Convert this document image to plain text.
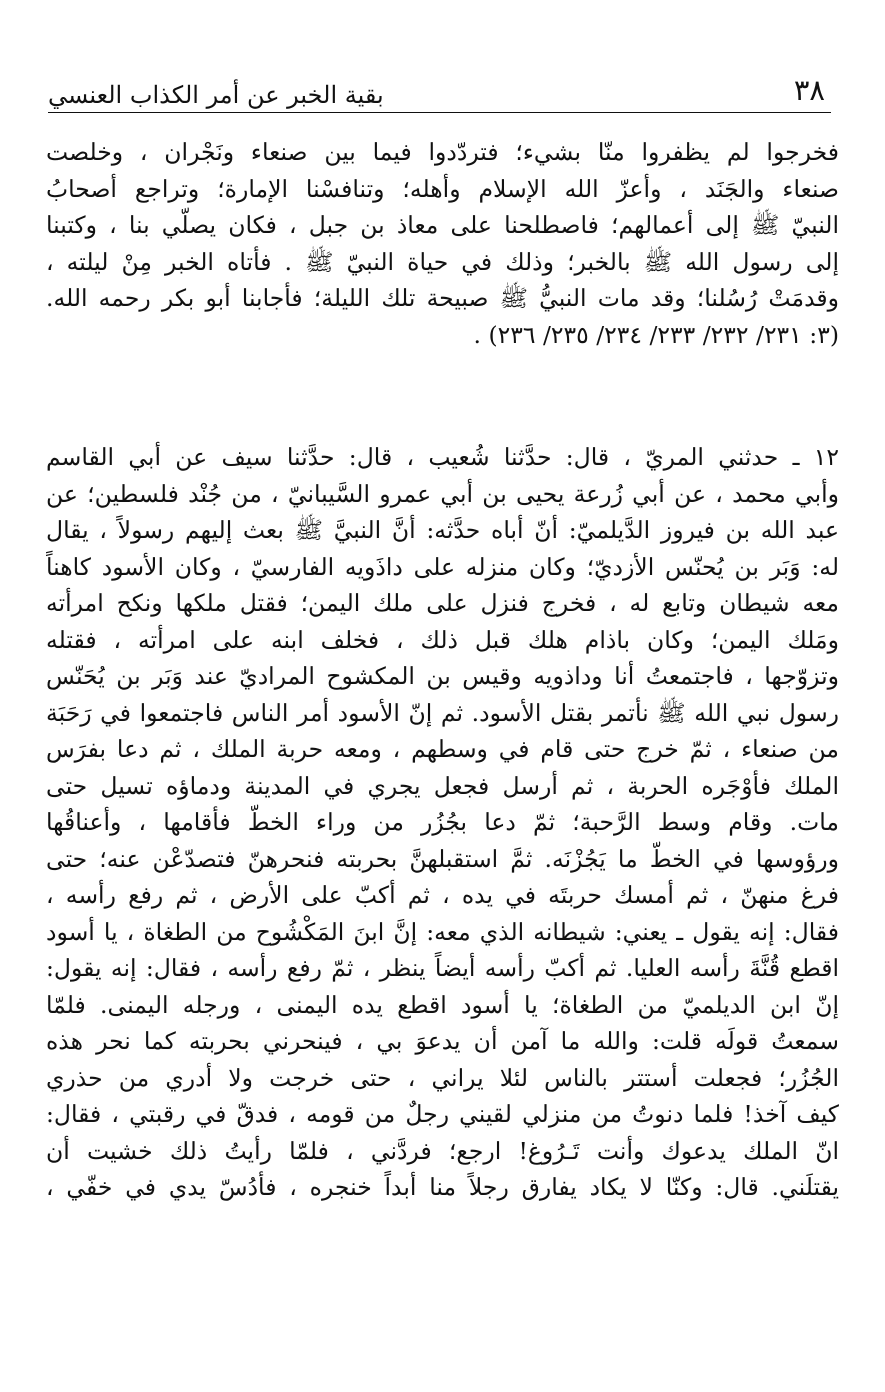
٣٨
بقية الخبر عن أمر الكذاب العنسي
فخرجوا لم يظفروا منّا بشيء؛ فتردّدوا فيما بين صنعاء ونَجْران ، وخلصت
صنعاء والجَنَد ، وأعزّ الله الإسلام وأهله؛ وتنافسْنا الإمارة؛ وتراجع أصحابُ
النبيّ ﷺ إلى أعمالهم؛ فاصطلحنا على معاذ بن جبل ، فكان يصلّي بنا ، وكتبنا
إلى رسول الله ﷺ بالخبر؛ وذلك في حياة النبيّ ﷺ . فأتاه الخبر مِنْ ليلته ،
وقدمَتْ رُسُلنا؛ وقد مات النبيُّ ﷺ صبيحة تلك الليلة؛ فأجابنا أبو بكر رحمه الله.
(٣: ٢٣١/ ٢٣٢/ ٢٣٣/ ٢٣٤/ ٢٣٥/ ٢٣٦) .
١٢ ـ حدثني المريّ ، قال: حدَّثنا شُعيب ، قال: حدَّثنا سيف عن أبي القاسم
وأبي محمد ، عن أبي زُرعة يحيى بن أبي عمرو السَّيبانيّ ، من جُنْد فلسطين؛ عن
عبد الله بن فيروز الدَّيلميّ: أنّ أباه حدَّثه: أنَّ النبيَّ ﷺ بعث إليهم رسولاً ، يقال
له: وَبَر بن يُحنّس الأزديّ؛ وكان منزله على داذَويه الفارسيّ ، وكان الأسود كاهناً
معه شيطان وتابع له ، فخرج فنزل على ملك اليمن؛ فقتل ملكها ونكح امرأته
ومَلك اليمن؛ وكان باذام هلك قبل ذلك ، فخلف ابنه على امرأته ، فقتله
وتزوّجها ، فاجتمعتُ أنا وداذويه وقيس بن المكشوح المراديّ عند وَبَر بن يُحَنّس
رسول نبي الله ﷺ نأتمر بقتل الأسود. ثم إنّ الأسود أمر الناس فاجتمعوا في رَحَبَة
من صنعاء ، ثمّ خرج حتى قام في وسطهم ، ومعه حربة الملك ، ثم دعا بفرَس
الملك فأوْجَره الحربة ، ثم أرسل فجعل يجري في المدينة ودماؤه تسيل حتى
مات. وقام وسط الرَّحبة؛ ثمّ دعا بجُزُر من وراء الخطّ فأقامها ، وأعناقُها
ورؤوسها في الخطّ ما يَجُزْنَه. ثمَّ استقبلهنَّ بحربته فنحرهنّ فتصدّعْن عنه؛ حتى
فرغ منهنّ ، ثم أمسك حربتَه في يده ، ثم أكبّ على الأرض ، ثم رفع رأسه ،
فقال: إنه يقول ـ يعني: شيطانه الذي معه: إنَّ ابنَ المَكْشُوح من الطغاة ، يا أسود
اقطع قُنَّةَ رأسه العليا. ثم أكبّ رأسه أيضاً ينظر ، ثمّ رفع رأسه ، فقال: إنه يقول:
إنّ ابن الديلميّ من الطغاة؛ يا أسود اقطع يده اليمنى ، ورجله اليمنى. فلمّا
سمعتُ قولَه قلت: والله ما آمن أن يدعوَ بي ، فينحرني بحربته كما نحر هذه
الجُزُر؛ فجعلت أستتر بالناس لئلا يراني ، حتى خرجت ولا أدري من حذري
كيف آخذ! فلما دنوتُ من منزلي لقيني رجلٌ من قومه ، فدقّ في رقبتي ، فقال:
انّ الملك يدعوك وأنت تَـرُوغ! ارجع؛ فردَّني ، فلمّا رأيتُ ذلك خشيت أن
يقتلَني. قال: وكنّا لا يكاد يفارق رجلاً منا أبداً خنجره ، فأدُسّ يدي في خفّي ،
